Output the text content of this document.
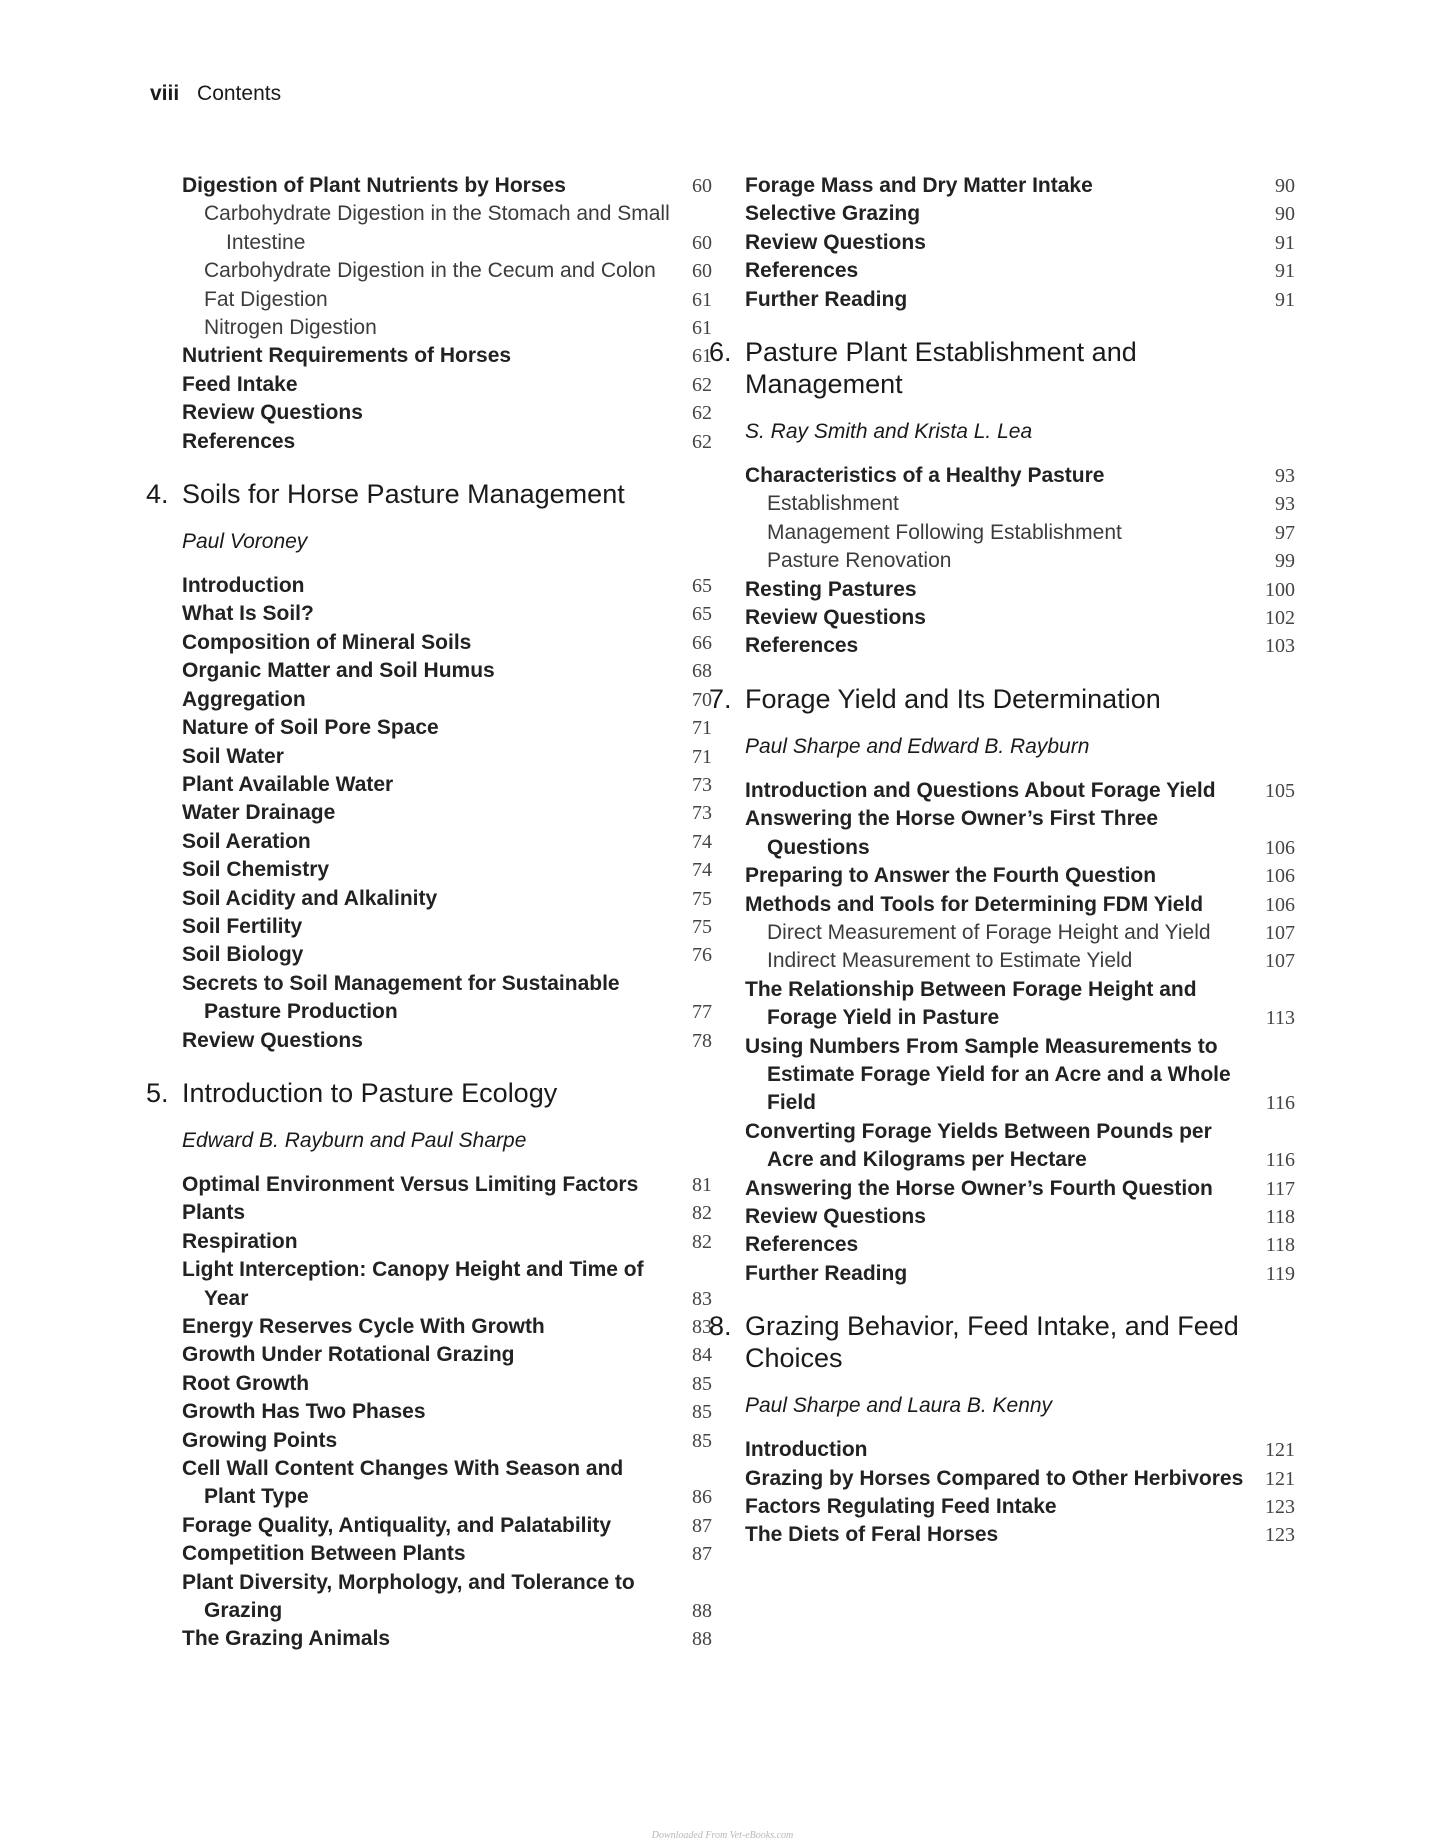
viii Contents
Digestion of Plant Nutrients by Horses	60
Carbohydrate Digestion in the Stomach and Small Intestine	60
Carbohydrate Digestion in the Cecum and Colon	60
Fat Digestion	61
Nitrogen Digestion	61
Nutrient Requirements of Horses	61
Feed Intake	62
Review Questions	62
References	62
4. Soils for Horse Pasture Management
Paul Voroney
Introduction	65
What Is Soil?	65
Composition of Mineral Soils	66
Organic Matter and Soil Humus	68
Aggregation	70
Nature of Soil Pore Space	71
Soil Water	71
Plant Available Water	73
Water Drainage	73
Soil Aeration	74
Soil Chemistry	74
Soil Acidity and Alkalinity	75
Soil Fertility	75
Soil Biology	76
Secrets to Soil Management for Sustainable Pasture Production	77
Review Questions	78
5. Introduction to Pasture Ecology
Edward B. Rayburn and Paul Sharpe
Optimal Environment Versus Limiting Factors	81
Plants	82
Respiration	82
Light Interception: Canopy Height and Time of Year	83
Energy Reserves Cycle With Growth	83
Growth Under Rotational Grazing	84
Root Growth	85
Growth Has Two Phases	85
Growing Points	85
Cell Wall Content Changes With Season and Plant Type	86
Forage Quality, Antiquality, and Palatability	87
Competition Between Plants	87
Plant Diversity, Morphology, and Tolerance to Grazing	88
The Grazing Animals	88
Forage Mass and Dry Matter Intake	90
Selective Grazing	90
Review Questions	91
References	91
Further Reading	91
6. Pasture Plant Establishment and Management
S. Ray Smith and Krista L. Lea
Characteristics of a Healthy Pasture	93
Establishment	93
Management Following Establishment	97
Pasture Renovation	99
Resting Pastures	100
Review Questions	102
References	103
7. Forage Yield and Its Determination
Paul Sharpe and Edward B. Rayburn
Introduction and Questions About Forage Yield	105
Answering the Horse Owner’s First Three Questions	106
Preparing to Answer the Fourth Question	106
Methods and Tools for Determining FDM Yield	106
Direct Measurement of Forage Height and Yield	107
Indirect Measurement to Estimate Yield	107
The Relationship Between Forage Height and Forage Yield in Pasture	113
Using Numbers From Sample Measurements to Estimate Forage Yield for an Acre and a Whole Field	116
Converting Forage Yields Between Pounds per Acre and Kilograms per Hectare	116
Answering the Horse Owner’s Fourth Question	117
Review Questions	118
References	118
Further Reading	119
8. Grazing Behavior, Feed Intake, and Feed Choices
Paul Sharpe and Laura B. Kenny
Introduction	121
Grazing by Horses Compared to Other Herbivores	121
Factors Regulating Feed Intake	123
The Diets of Feral Horses	123
Downloaded From Vet-eBooks.com
